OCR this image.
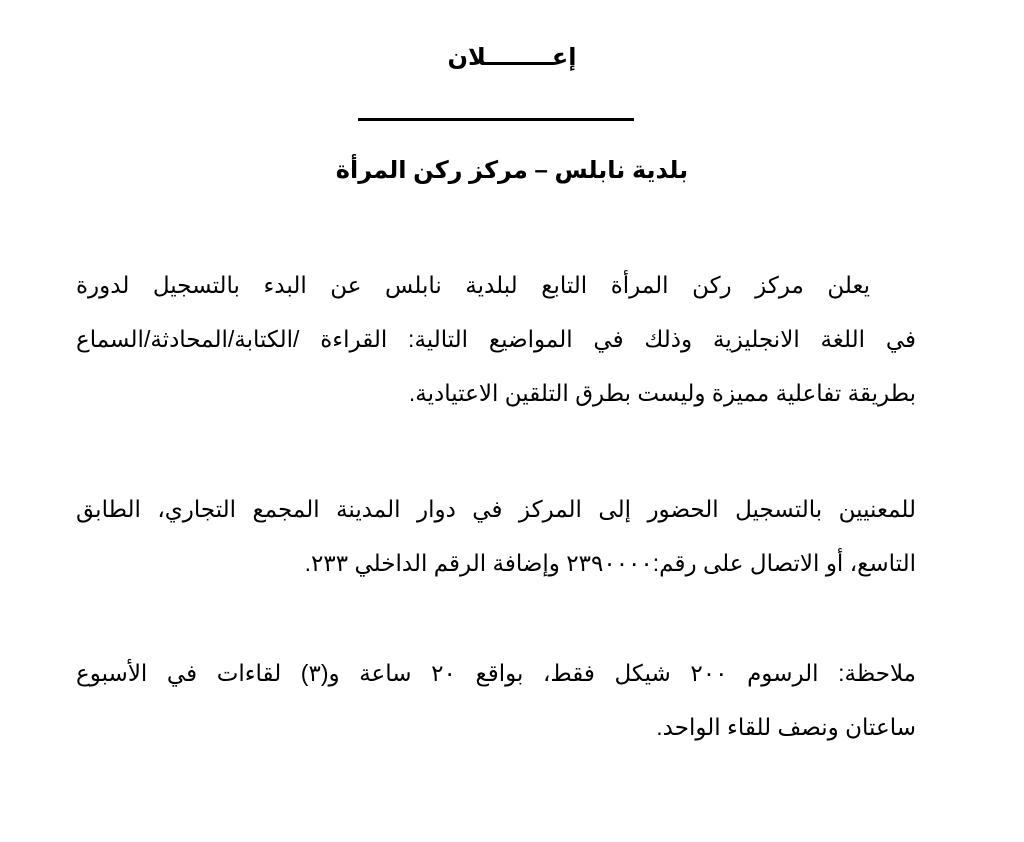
إعــــــــلان
بلدية نابلس – مركز ركن المرأة
يعلن مركز ركن المرأة التابع لبلدية نابلس عن البدء بالتسجيل لدورة
في اللغة الانجليزية وذلك في المواضيع التالية: القراءة /الكتابة/المحادثة/السماع
بطريقة تفاعلية مميزة وليست بطرق التلقين الاعتيادية.
للمعنيين بالتسجيل الحضور إلى المركز في دوار المدينة المجمع التجاري، الطابق
التاسع، أو الاتصال على رقم:٢٣٩٠٠٠٠ وإضافة الرقم الداخلي ٢٣٣.
ملاحظة: الرسوم ٢٠٠ شيكل فقط، بواقع ٢٠ ساعة و(٣) لقاءات في الأسبوع
ساعتان ونصف للقاء الواحد.
